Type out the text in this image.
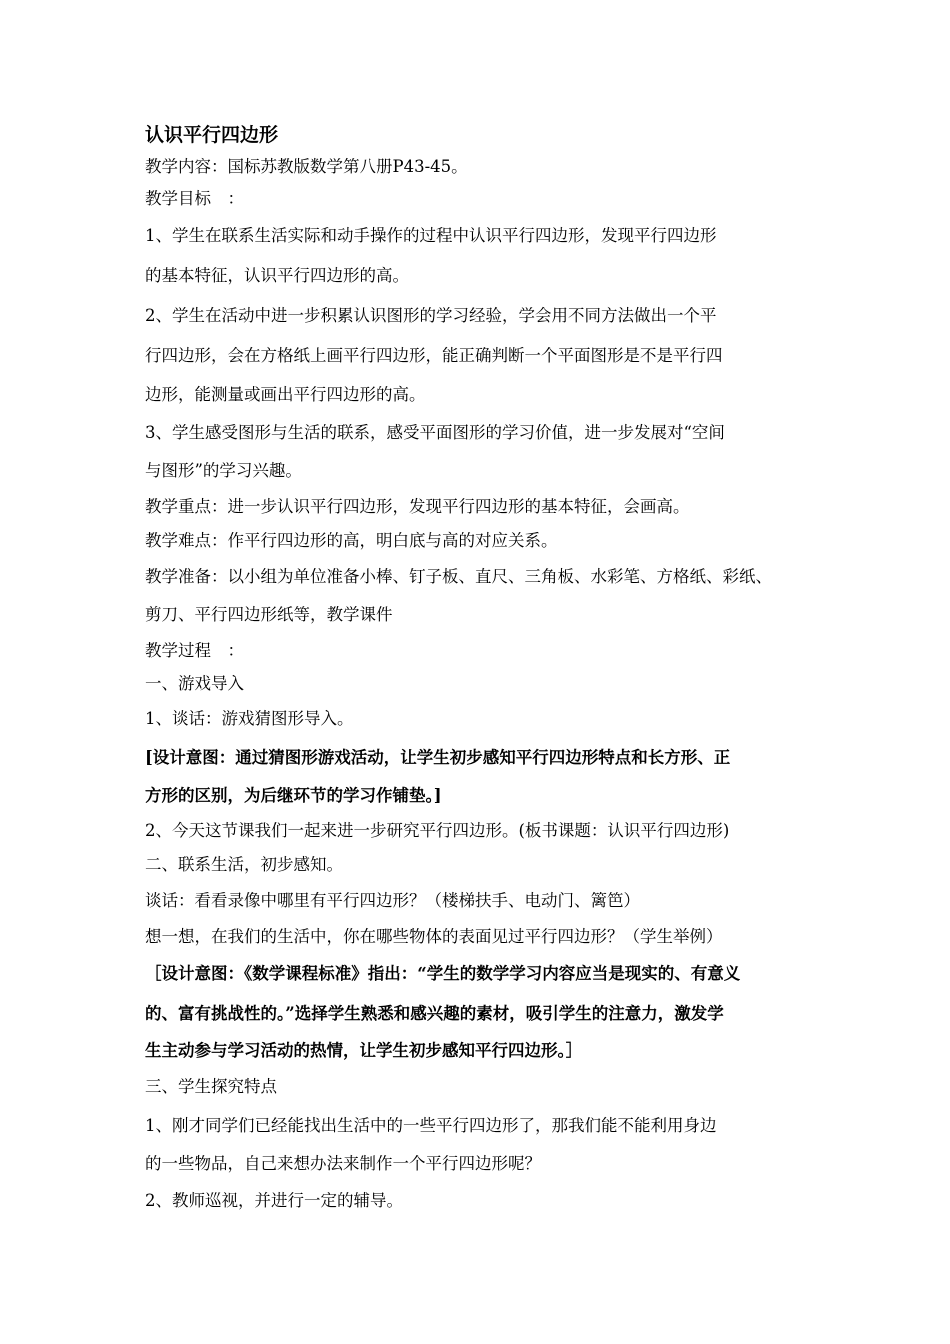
认识平行四边形
教学内容：国标苏教版数学第八册P43-45。
教学目标　：
1、学生在联系生活实际和动手操作的过程中认识平行四边形，发现平行四边形
的基本特征，认识平行四边形的高。
2、学生在活动中进一步积累认识图形的学习经验，学会用不同方法做出一个平
行四边形，会在方格纸上画平行四边形，能正确判断一个平面图形是不是平行四
边形，能测量或画出平行四边形的高。
3、学生感受图形与生活的联系，感受平面图形的学习价值，进一步发展对“空间
与图形”的学习兴趣。
教学重点：进一步认识平行四边形，发现平行四边形的基本特征，会画高。
教学难点：作平行四边形的高，明白底与高的对应关系。
教学准备：以小组为单位准备小棒、钉子板、直尺、三角板、水彩笔、方格纸、彩纸、
剪刀、平行四边形纸等，教学课件
教学过程　：
一、游戏导入
1、谈话：游戏猜图形导入。
[设计意图：通过猜图形游戏活动，让学生初步感知平行四边形特点和长方形、正
方形的区别，为后继环节的学习作铺垫。]
2、今天这节课我们一起来进一步研究平行四边形。(板书课题：认识平行四边形)
二、联系生活，初步感知。
谈话：看看录像中哪里有平行四边形？（楼梯扶手、电动门、篱笆）
想一想，在我们的生活中，你在哪些物体的表面见过平行四边形？（学生举例）
［设计意图：《数学课程标准》指出：“学生的数学学习内容应当是现实的、有意义
的、富有挑战性的。”选择学生熟悉和感兴趣的素材，吸引学生的注意力，激发学
生主动参与学习活动的热情，让学生初步感知平行四边形。］
三、学生探究特点
1、刚才同学们已经能找出生活中的一些平行四边形了，那我们能不能利用身边
的一些物品，自己来想办法来制作一个平行四边形呢？
2、教师巡视，并进行一定的辅导。
